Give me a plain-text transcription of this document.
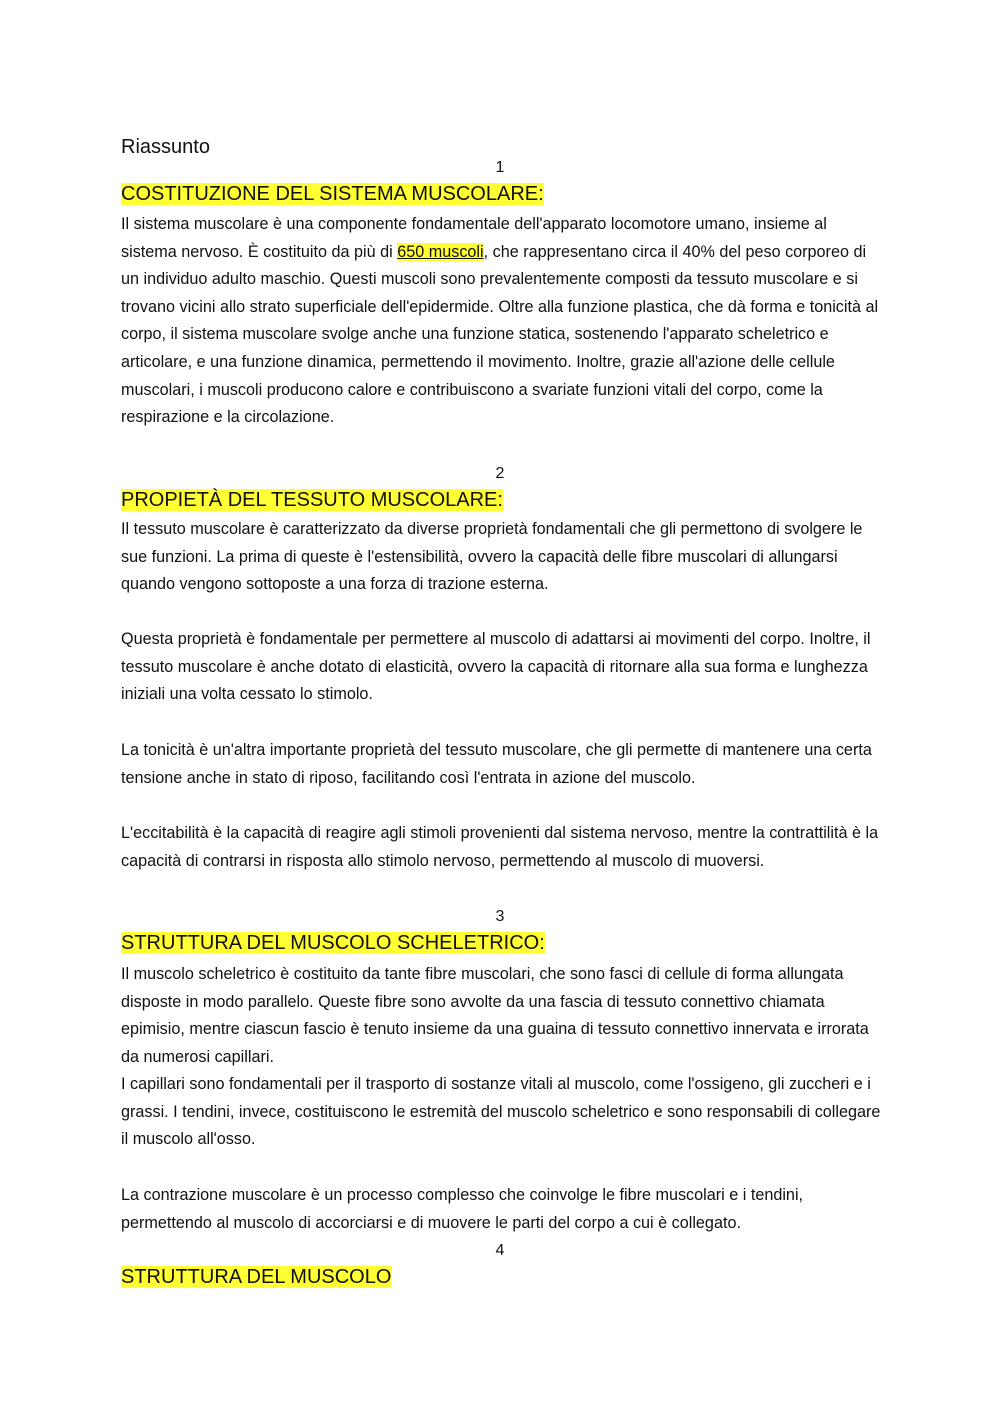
Riassunto
1
COSTITUZIONE DEL SISTEMA MUSCOLARE:
Il sistema muscolare è una componente fondamentale dell'apparato locomotore umano, insieme al sistema nervoso. È costituito da più di 650 muscoli, che rappresentano circa il 40% del peso corporeo di un individuo adulto maschio. Questi muscoli sono prevalentemente composti da tessuto muscolare e si trovano vicini allo strato superficiale dell'epidermide. Oltre alla funzione plastica, che dà forma e tonicità al corpo, il sistema muscolare svolge anche una funzione statica, sostenendo l'apparato scheletrico e articolare, e una funzione dinamica, permettendo il movimento. Inoltre, grazie all'azione delle cellule muscolari, i muscoli producono calore e contribuiscono a svariate funzioni vitali del corpo, come la respirazione e la circolazione.
2
PROPIETÀ DEL TESSUTO MUSCOLARE:
Il tessuto muscolare è caratterizzato da diverse proprietà fondamentali che gli permettono di svolgere le sue funzioni. La prima di queste è l'estensibilità, ovvero la capacità delle fibre muscolari di allungarsi quando vengono sottoposte a una forza di trazione esterna.
Questa proprietà è fondamentale per permettere al muscolo di adattarsi ai movimenti del corpo. Inoltre, il tessuto muscolare è anche dotato di elasticità, ovvero la capacità di ritornare alla sua forma e lunghezza iniziali una volta cessato lo stimolo.
La tonicità è un'altra importante proprietà del tessuto muscolare, che gli permette di mantenere una certa tensione anche in stato di riposo, facilitando così l'entrata in azione del muscolo.
L'eccitabilità è la capacità di reagire agli stimoli provenienti dal sistema nervoso, mentre la contrattilità è la capacità di contrarsi in risposta allo stimolo nervoso, permettendo al muscolo di muoversi.
3
STRUTTURA DEL MUSCOLO SCHELETRICO:
Il muscolo scheletrico è costituito da tante fibre muscolari, che sono fasci di cellule di forma allungata disposte in modo parallelo. Queste fibre sono avvolte da una fascia di tessuto connettivo chiamata epimisio, mentre ciascun fascio è tenuto insieme da una guaina di tessuto connettivo innervata e irrorata da numerosi capillari.
I capillari sono fondamentali per il trasporto di sostanze vitali al muscolo, come l'ossigeno, gli zuccheri e i grassi. I tendini, invece, costituiscono le estremità del muscolo scheletrico e sono responsabili di collegare il muscolo all'osso.
La contrazione muscolare è un processo complesso che coinvolge le fibre muscolari e i tendini, permettendo al muscolo di accorciarsi e di muovere le parti del corpo a cui è collegato.
4
STRUTTURA DEL MUSCOLO
